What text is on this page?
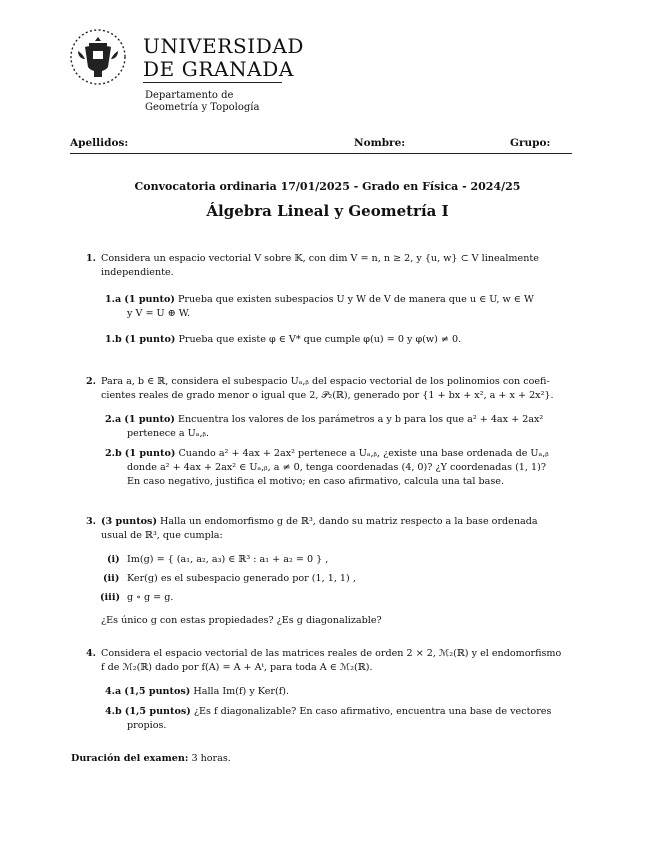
UNIVERSIDAD
DE GRANADA
Departamento de
Geometría y Topología
Apellidos:	Nombre:	Grupo:
Convocatoria ordinaria 17/01/2025 - Grado en Física - 2024/25
Álgebra Lineal y Geometría I
1. Considera un espacio vectorial V sobre 𝕂, con dim V = n, n ≥ 2, y {u, w} ⊂ V linealmente
independiente.
1.a (1 punto) Prueba que existen subespacios U y W de V de manera que u ∈ U, w ∈ W
y V = U ⊕ W.
1.b (1 punto) Prueba que existe φ ∈ V* que cumple φ(u) = 0 y φ(w) ≠ 0.
2. Para a, b ∈ ℝ, considera el subespacio Uₐ,ᵦ del espacio vectorial de los polinomios con coefi-
cientes reales de grado menor o igual que 2, 𝒫₂(ℝ), generado por {1 + bx + x², a + x + 2x²}.
2.a (1 punto) Encuentra los valores de los parámetros a y b para los que a² + 4ax + 2ax²
pertenece a Uₐ,ᵦ.
2.b (1 punto) Cuando a² + 4ax + 2ax² pertenece a Uₐ,ᵦ, ¿existe una base ordenada de Uₐ,ᵦ
donde a² + 4ax + 2ax² ∈ Uₐ,ᵦ, a ≠ 0, tenga coordenadas (4, 0)? ¿Y coordenadas (1, 1)?
En caso negativo, justifica el motivo; en caso afirmativo, calcula una tal base.
3. (3 puntos) Halla un endomorfismo g de ℝ³, dando su matriz respecto a la base ordenada
usual de ℝ³, que cumpla:
(i) Im(g) = { (a₁, a₂, a₃) ∈ ℝ³ : a₁ + a₂ = 0 } ,
(ii) Ker(g) es el subespacio generado por (1, 1, 1) ,
(iii) g ∘ g = g.
¿Es único g con estas propiedades? ¿Es g diagonalizable?
4. Considera el espacio vectorial de las matrices reales de orden 2 × 2, ℳ₂(ℝ) y el endomorfismo
f de ℳ₂(ℝ) dado por f(A) = A + Aᵗ, para toda A ∈ ℳ₂(ℝ).
4.a (1,5 puntos) Halla Im(f) y Ker(f).
4.b (1,5 puntos) ¿Es f diagonalizable? En caso afirmativo, encuentra una base de vectores
propios.
Duración del examen: 3 horas.
